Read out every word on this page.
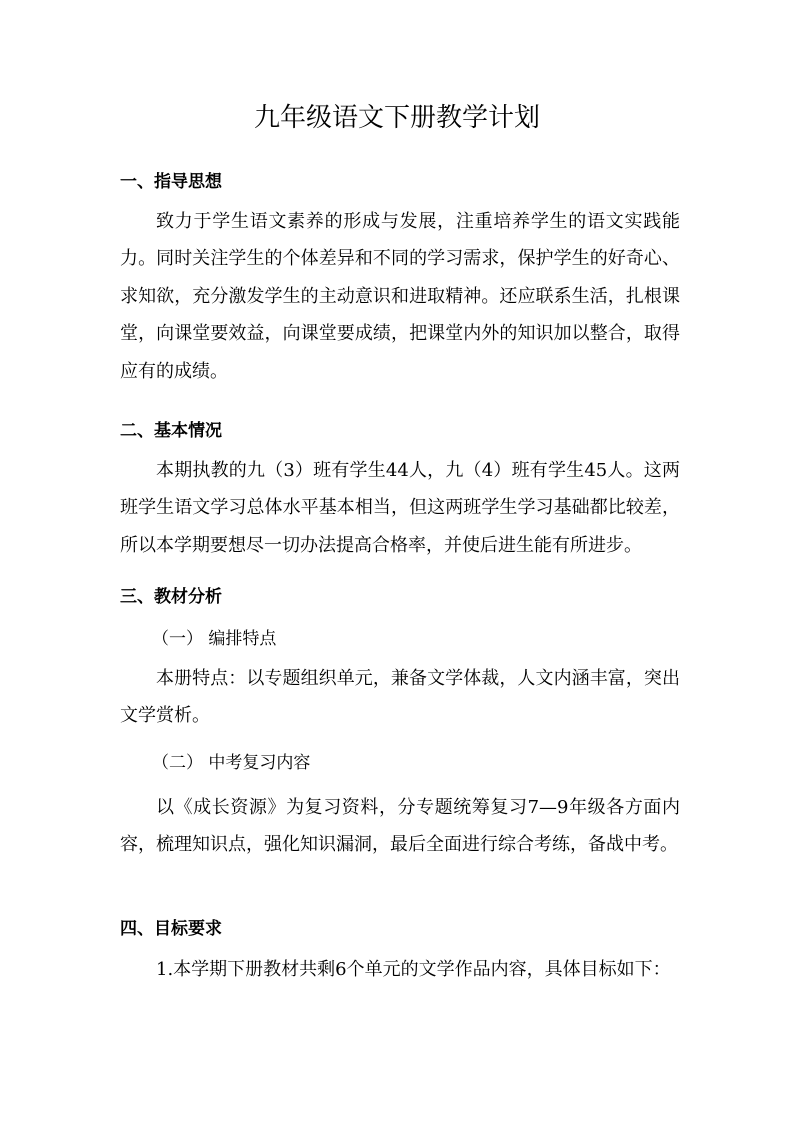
九年级语文下册教学计划
一、指导思想

致力于学生语文素养的形成与发展，注重培养学生的语文实践能力。同时关注学生的个体差异和不同的学习需求，保护学生的好奇心、求知欲，充分激发学生的主动意识和进取精神。还应联系生活，扎根课堂，向课堂要效益，向课堂要成绩，把课堂内外的知识加以整合，取得应有的成绩。

二、基本情况

本期执教的九（3）班有学生44人，九（4）班有学生45人。这两班学生语文学习总体水平基本相当，但这两班学生学习基础都比较差，所以本学期要想尽一切办法提高合格率，并使后进生能有所进步。

三、教材分析

（一） 编排特点

本册特点：以专题组织单元，兼备文学体裁，人文内涵丰富，突出文学赏析。

（二） 中考复习内容

以《成长资源》为复习资料，分专题统筹复习7—9年级各方面内容，梳理知识点，强化知识漏洞，最后全面进行综合考练，备战中考。

四、目标要求

1.本学期下册教材共剩6个单元的文学作品内容，具体目标如下：
